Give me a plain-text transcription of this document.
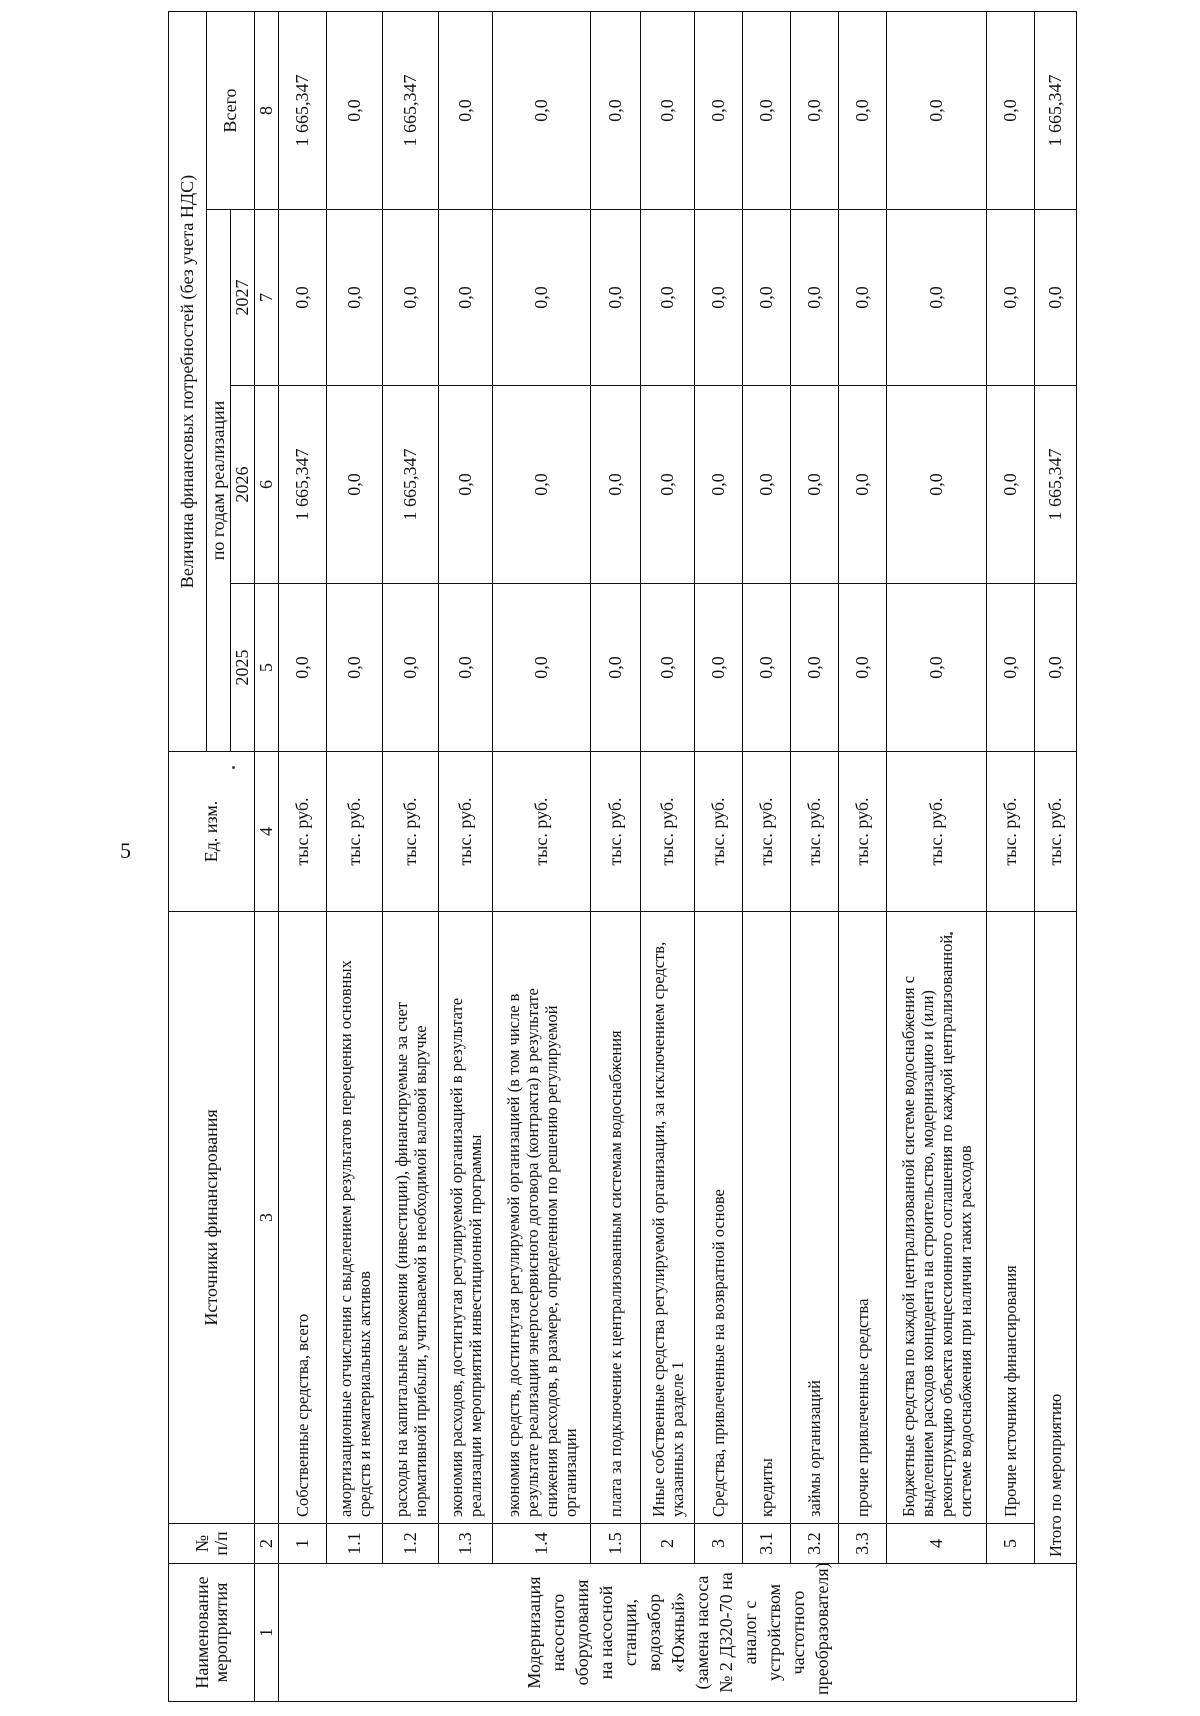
5
Наименование мероприятия	№ п/п	Источники финансирования	Ед. изм.	Величина финансовых потребностей (без учета НДС)			
				по годам реализации			Всего
				2025	2026	2027	
1	2	3	4	5	6	7	8
Модернизация насосного оборудования на насосной станции, водозабор «Южный» (замена насоса № 2 Д320-70 на аналог с устройством частотного преобразователя)	1	Собственные средства, всего	тыс. руб.	0,0	1 665,347	0,0	1 665,347
	1.1	амортизационные отчисления с выделением результатов переоценки основных средств и нематериальных активов	тыс. руб.	0,0	0,0	0,0	0,0
	1.2	расходы на капитальные вложения (инвестиции), финансируемые за счет нормативной прибыли, учитываемой в необходимой валовой выручке	тыс. руб.	0,0	1 665,347	0,0	1 665,347
	1.3	экономия расходов, достигнутая регулируемой организацией в результате реализации мероприятий инвестиционной программы	тыс. руб.	0,0	0,0	0,0	0,0
	1.4	экономия средств, достигнутая регулируемой организацией (в том числе в результате реализации энергосервисного договора (контракта) в результате снижения расходов, в размере, определенном по решению регулируемой организации	тыс. руб.	0,0	0,0	0,0	0,0
	1.5	плата за подключение к централизованным системам водоснабжения	тыс. руб.	0,0	0,0	0,0	0,0
	2	Иные собственные средства регулируемой организации, за исключением средств, указанных в разделе 1	тыс. руб.	0,0	0,0	0,0	0,0
	3	Средства, привлеченные на возвратной основе	тыс. руб.	0,0	0,0	0,0	0,0
	3.1	кредиты	тыс. руб.	0,0	0,0	0,0	0,0
	3.2	займы организаций	тыс. руб.	0,0	0,0	0,0	0,0
	3.3	прочие привлеченные средства	тыс. руб.	0,0	0,0	0,0	0,0
	4	Бюджетные средства по каждой централизованной системе водоснабжения с выделением расходов концедента на строительство, модернизацию и (или) реконструкцию объекта концессионного соглашения по каждой централизованной системе водоснабжения при наличии таких расходов	тыс. руб.	0,0	0,0	0,0	0,0
	5	Прочие источники финансирования	тыс. руб.	0,0	0,0	0,0	0,0
	Итого по мероприятию		тыс. руб.	0,0	1 665,347	0,0	1 665,347
